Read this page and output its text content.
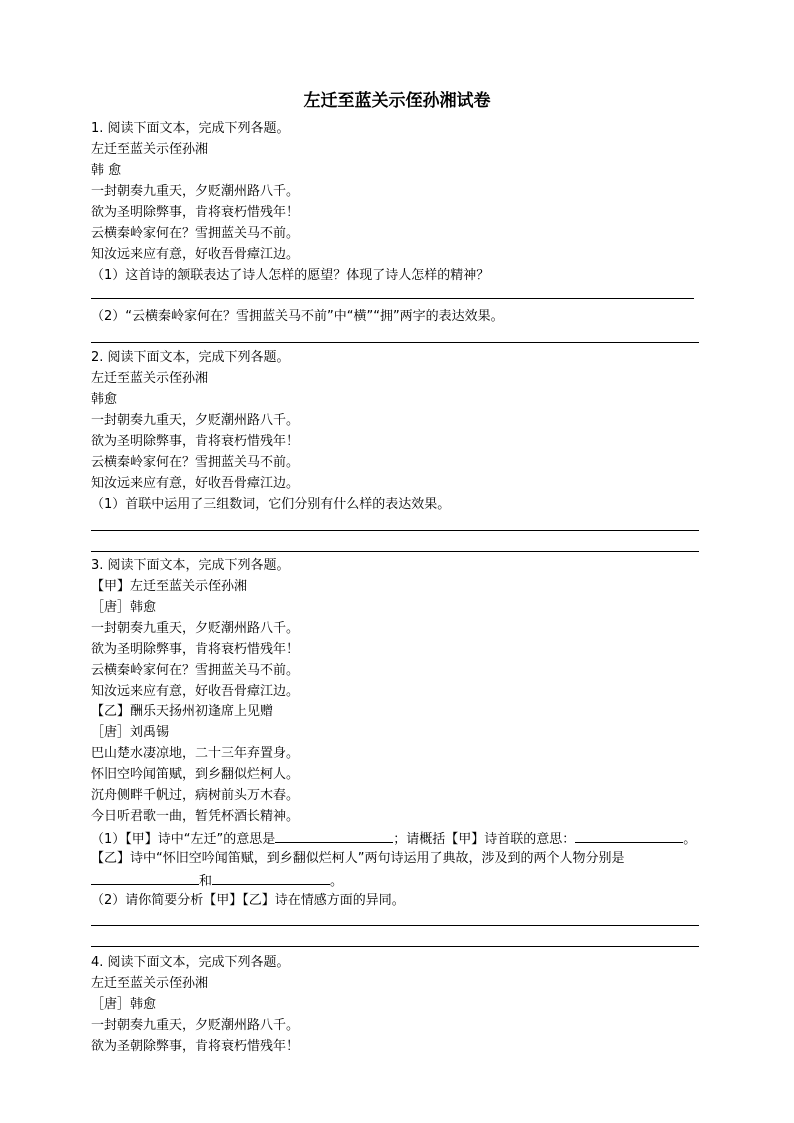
左迁至蓝关示侄孙湘试卷
1. 阅读下面文本，完成下列各题。
左迁至蓝关示侄孙湘
韩 愈
一封朝奏九重天，夕贬潮州路八千。
欲为圣明除弊事，肯将衰朽惜残年！
云横秦岭家何在？雪拥蓝关马不前。
知汝远来应有意，好收吾骨瘴江边。
（1）这首诗的颔联表达了诗人怎样的愿望？体现了诗人怎样的精神？
（2）“云横秦岭家何在？雪拥蓝关马不前”中“横”“拥”两字的表达效果。
2. 阅读下面文本，完成下列各题。
左迁至蓝关示侄孙湘
韩愈
一封朝奏九重天，夕贬潮州路八千。
欲为圣明除弊事，肯将衰朽惜残年！
云横秦岭家何在？雪拥蓝关马不前。
知汝远来应有意，好收吾骨瘴江边。
（1）首联中运用了三组数词，它们分别有什么样的表达效果。
3. 阅读下面文本，完成下列各题。
【甲】左迁至蓝关示侄孙湘
［唐］韩愈
一封朝奏九重天，夕贬潮州路八千。
欲为圣明除弊事，肯将衰朽惜残年！
云横秦岭家何在？雪拥蓝关马不前。
知汝远来应有意，好收吾骨瘴江边。
【乙】酬乐天扬州初逢席上见赠
［唐］刘禹锡
巴山楚水凄凉地，二十三年弃置身。
怀旧空吟闻笛赋，到乡翻似烂柯人。
沉舟侧畔千帆过，病树前头万木春。
今日听君歌一曲，暂凭杯酒长精神。
（1）【甲】诗中“左迁”的意思是	；请概括【甲】诗首联的意思：	。
【乙】诗中“怀旧空吟闻笛赋，到乡翻似烂柯人”两句诗运用了典故，涉及到的两个人物分别是
和	。
（2）请你简要分析【甲】【乙】诗在情感方面的异同。
4. 阅读下面文本，完成下列各题。
左迁至蓝关示侄孙湘
［唐］韩愈
一封朝奏九重天，夕贬潮州路八千。
欲为圣朝除弊事，肯将衰朽惜残年！
